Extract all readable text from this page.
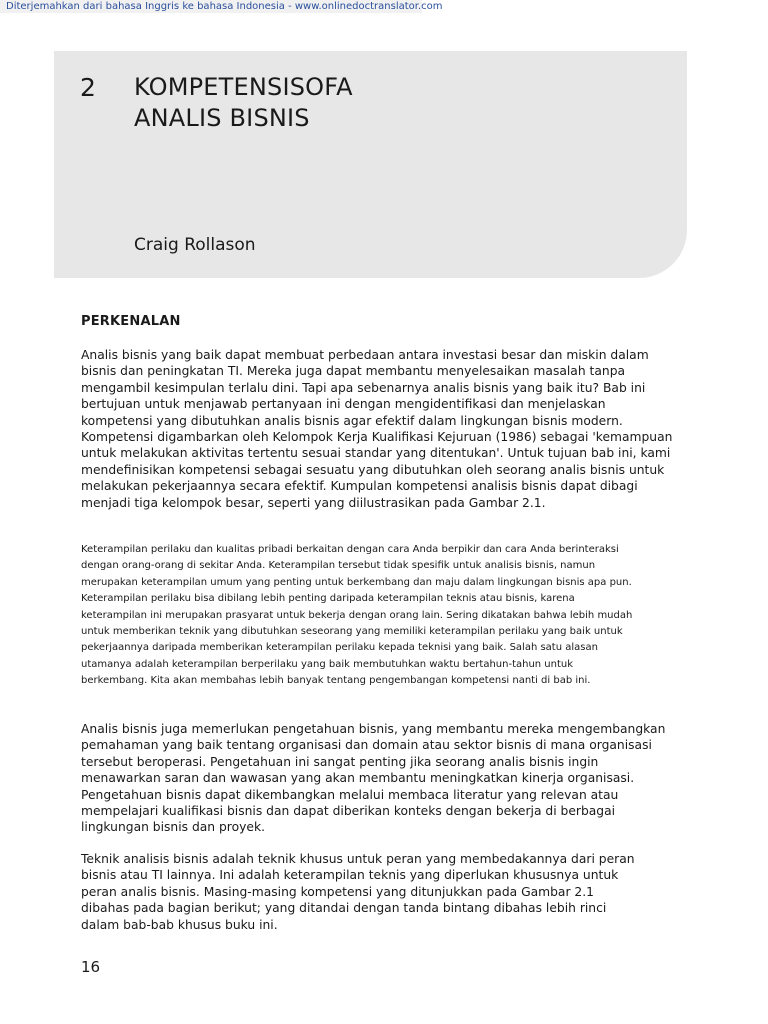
Diterjemahkan dari bahasa Inggris ke bahasa Indonesia - www.onlinedoctranslator.com
2 KOMPETENSISOFA
ANALIS BISNIS
Craig Rollason
PERKENALAN
Analis bisnis yang baik dapat membuat perbedaan antara investasi besar dan miskin dalam
bisnis dan peningkatan TI. Mereka juga dapat membantu menyelesaikan masalah tanpa
mengambil kesimpulan terlalu dini. Tapi apa sebenarnya analis bisnis yang baik itu? Bab ini
bertujuan untuk menjawab pertanyaan ini dengan mengidentifikasi dan menjelaskan
kompetensi yang dibutuhkan analis bisnis agar efektif dalam lingkungan bisnis modern.
Kompetensi digambarkan oleh Kelompok Kerja Kualifikasi Kejuruan (1986) sebagai 'kemampuan
untuk melakukan aktivitas tertentu sesuai standar yang ditentukan'. Untuk tujuan bab ini, kami
mendefinisikan kompetensi sebagai sesuatu yang dibutuhkan oleh seorang analis bisnis untuk
melakukan pekerjaannya secara efektif. Kumpulan kompetensi analisis bisnis dapat dibagi
menjadi tiga kelompok besar, seperti yang diilustrasikan pada Gambar 2.1.
Keterampilan perilaku dan kualitas pribadi berkaitan dengan cara Anda berpikir dan cara Anda berinteraksi
dengan orang-orang di sekitar Anda. Keterampilan tersebut tidak spesifik untuk analisis bisnis, namun
merupakan keterampilan umum yang penting untuk berkembang dan maju dalam lingkungan bisnis apa pun.
Keterampilan perilaku bisa dibilang lebih penting daripada keterampilan teknis atau bisnis, karena
keterampilan ini merupakan prasyarat untuk bekerja dengan orang lain. Sering dikatakan bahwa lebih mudah
untuk memberikan teknik yang dibutuhkan seseorang yang memiliki keterampilan perilaku yang baik untuk
pekerjaannya daripada memberikan keterampilan perilaku kepada teknisi yang baik. Salah satu alasan
utamanya adalah keterampilan berperilaku yang baik membutuhkan waktu bertahun-tahun untuk
berkembang. Kita akan membahas lebih banyak tentang pengembangan kompetensi nanti di bab ini.
Analis bisnis juga memerlukan pengetahuan bisnis, yang membantu mereka mengembangkan
pemahaman yang baik tentang organisasi dan domain atau sektor bisnis di mana organisasi
tersebut beroperasi. Pengetahuan ini sangat penting jika seorang analis bisnis ingin
menawarkan saran dan wawasan yang akan membantu meningkatkan kinerja organisasi.
Pengetahuan bisnis dapat dikembangkan melalui membaca literatur yang relevan atau
mempelajari kualifikasi bisnis dan dapat diberikan konteks dengan bekerja di berbagai
lingkungan bisnis dan proyek.
Teknik analisis bisnis adalah teknik khusus untuk peran yang membedakannya dari peran
bisnis atau TI lainnya. Ini adalah keterampilan teknis yang diperlukan khususnya untuk
peran analis bisnis. Masing-masing kompetensi yang ditunjukkan pada Gambar 2.1
dibahas pada bagian berikut; yang ditandai dengan tanda bintang dibahas lebih rinci
dalam bab-bab khusus buku ini.
16
